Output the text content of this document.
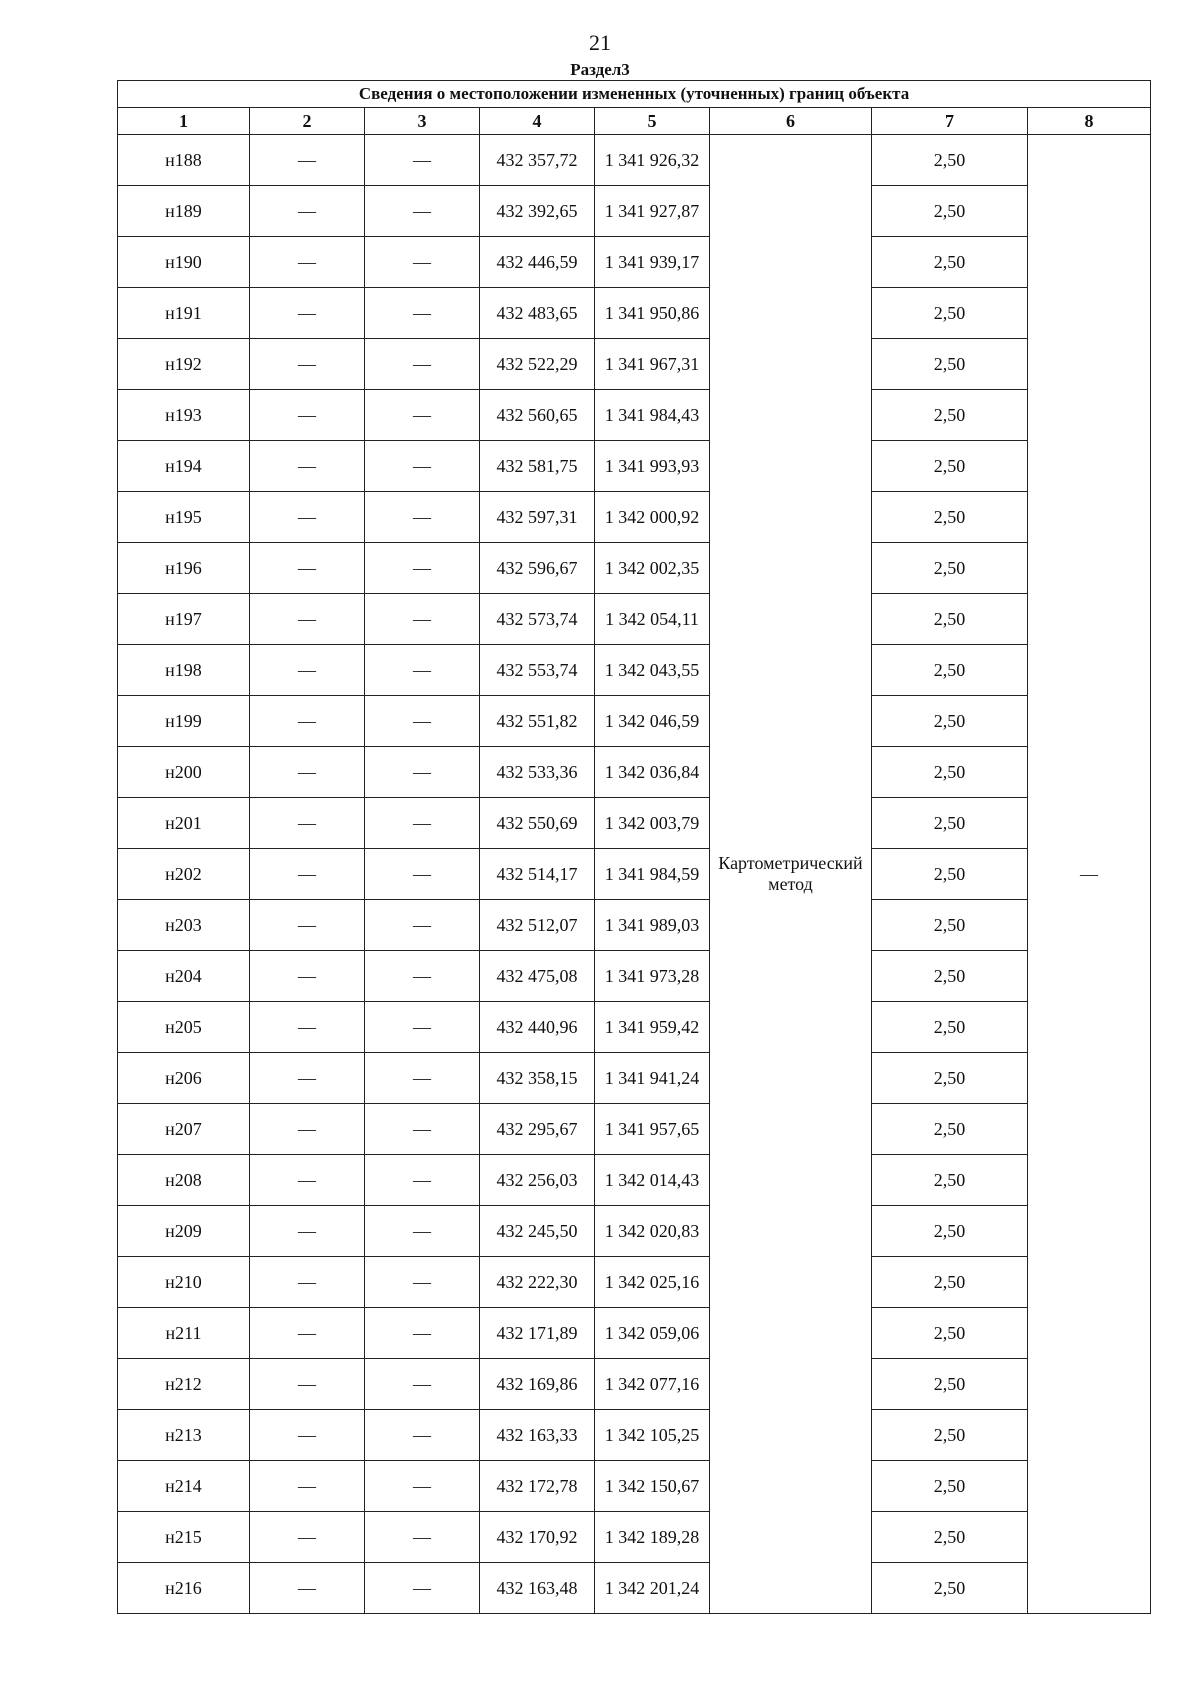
21
Раздел3
Сведения о местоположении измененных (уточненных) границ объекта							
1	2	3	4	5	6	7	8
н188	—	—	432 357,72	1 341 926,32	Картометрический метод	2,50	—
н189	—	—	432 392,65	1 341 927,87		2,50	
н190	—	—	432 446,59	1 341 939,17		2,50	
н191	—	—	432 483,65	1 341 950,86		2,50	
н192	—	—	432 522,29	1 341 967,31		2,50	
н193	—	—	432 560,65	1 341 984,43		2,50	
н194	—	—	432 581,75	1 341 993,93		2,50	
н195	—	—	432 597,31	1 342 000,92		2,50	
н196	—	—	432 596,67	1 342 002,35		2,50	
н197	—	—	432 573,74	1 342 054,11		2,50	
н198	—	—	432 553,74	1 342 043,55		2,50	
н199	—	—	432 551,82	1 342 046,59		2,50	
н200	—	—	432 533,36	1 342 036,84		2,50	
н201	—	—	432 550,69	1 342 003,79		2,50	
н202	—	—	432 514,17	1 341 984,59		2,50	
н203	—	—	432 512,07	1 341 989,03		2,50	
н204	—	—	432 475,08	1 341 973,28		2,50	
н205	—	—	432 440,96	1 341 959,42		2,50	
н206	—	—	432 358,15	1 341 941,24		2,50	
н207	—	—	432 295,67	1 341 957,65		2,50	
н208	—	—	432 256,03	1 342 014,43		2,50	
н209	—	—	432 245,50	1 342 020,83		2,50	
н210	—	—	432 222,30	1 342 025,16		2,50	
н211	—	—	432 171,89	1 342 059,06		2,50	
н212	—	—	432 169,86	1 342 077,16		2,50	
н213	—	—	432 163,33	1 342 105,25		2,50	
н214	—	—	432 172,78	1 342 150,67		2,50	
н215	—	—	432 170,92	1 342 189,28		2,50	
н216	—	—	432 163,48	1 342 201,24		2,50	
